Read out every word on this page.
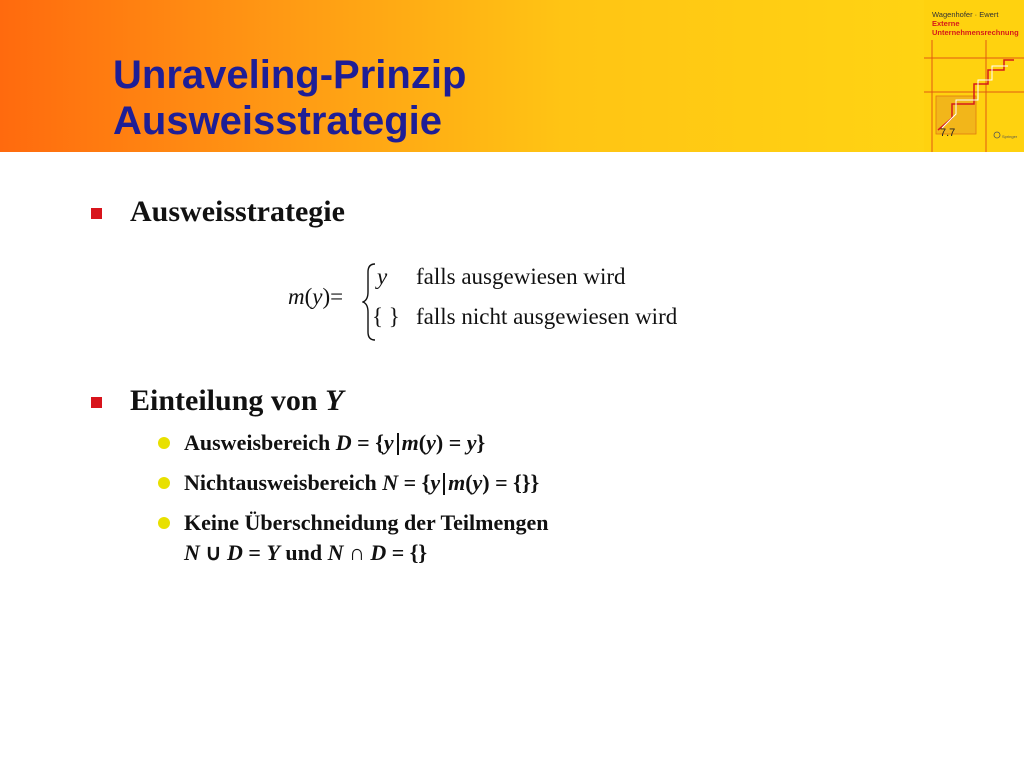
Unraveling-Prinzip
Ausweisstrategie
Wagenhofer · Ewert
Externe
Unternehmensrechnung
Springer
7.7
Ausweisstrategie
m(y)=
y falls ausgewiesen wird
{ } falls nicht ausgewiesen wird
Einteilung von Y
Ausweisbereich D = {y m(y) = y}
Nichtausweisbereich N = {y m(y) = {}}
Keine Überschneidung der Teilmengen
N ∪ D = Y und N ∩ D = {}
